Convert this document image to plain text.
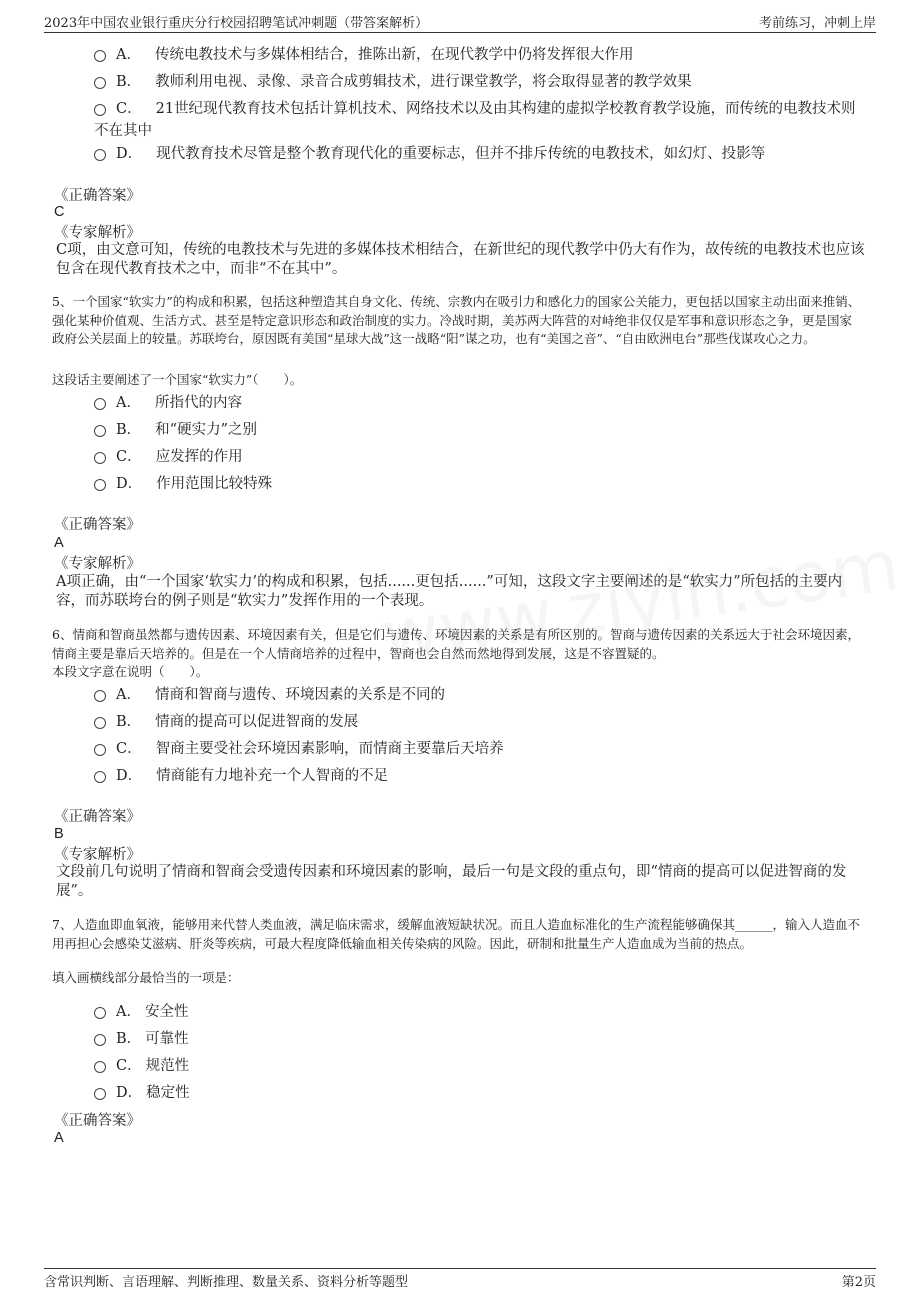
2023年中国农业银行重庆分行校园招聘笔试冲刺题（带答案解析）	考前练习，冲刺上岸
A． 传统电教技术与多媒体相结合，推陈出新，在现代教学中仍将发挥很大作用
B． 教师利用电视、录像、录音合成剪辑技术，进行课堂教学，将会取得显著的教学效果
C． 21世纪现代教育技术包括计算机技术、网络技术以及由其构建的虚拟学校教育教学设施，而传统的电教技术则不在其中
D． 现代教育技术尽管是整个教育现代化的重要标志，但并不排斥传统的电教技术，如幻灯、投影等
《正确答案》
C
《专家解析》
C项，由文意可知，传统的电教技术与先进的多媒体技术相结合，在新世纪的现代教学中仍大有作为，故传统的电教技术也应该包含在现代教育技术之中，而非“不在其中”。
5、一个国家“软实力”的构成和积累，包括这种塑造其自身文化、传统、宗教内在吸引力和感化力的国家公关能力，更包括以国家主动出面来推销、强化某种价值观、生活方式、甚至是特定意识形态和政治制度的实力。冷战时期，美苏两大阵营的对峙绝非仅仅是军事和意识形态之争，更是国家政府公关层面上的较量。苏联垮台，原因既有美国“星球大战”这一战略“阳”谋之功，也有“美国之音”、“自由欧洲电台”那些伐谋攻心之力。
这段话主要阐述了一个国家“软实力”（　　）。
A． 所指代的内容
B． 和“硬实力”之别
C． 应发挥的作用
D． 作用范围比较特殊
《正确答案》
A
《专家解析》
A项正确，由“一个国家‘软实力’的构成和积累，包括......更包括......”可知，这段文字主要阐述的是“软实力”所包括的主要内容，而苏联垮台的例子则是“软实力”发挥作用的一个表现。
6、情商和智商虽然都与遗传因素、环境因素有关，但是它们与遗传、环境因素的关系是有所区别的。智商与遗传因素的关系远大于社会环境因素，情商主要是靠后天培养的。但是在一个人情商培养的过程中，智商也会自然而然地得到发展，这是不容置疑的。
本段文字意在说明（　　）。
A． 情商和智商与遗传、环境因素的关系是不同的
B． 情商的提高可以促进智商的发展
C． 智商主要受社会环境因素影响，而情商主要靠后天培养
D． 情商能有力地补充一个人智商的不足
《正确答案》
B
《专家解析》
文段前几句说明了情商和智商会受遗传因素和环境因素的影响，最后一句是文段的重点句，即“情商的提高可以促进智商的发展”。
7、人造血即血氧液，能够用来代替人类血液，满足临床需求，缓解血液短缺状况。而且人造血标准化的生产流程能够确保其______，输入人造血不用再担心会感染艾滋病、肝炎等疾病，可最大程度降低输血相关传染病的风险。因此，研制和批量生产人造血成为当前的热点。
填入画横线部分最恰当的一项是：
A． 安全性
B． 可靠性
C． 规范性
D． 稳定性
《正确答案》
A
含常识判断、言语理解、判断推理、数量关系、资料分析等题型	第2页
